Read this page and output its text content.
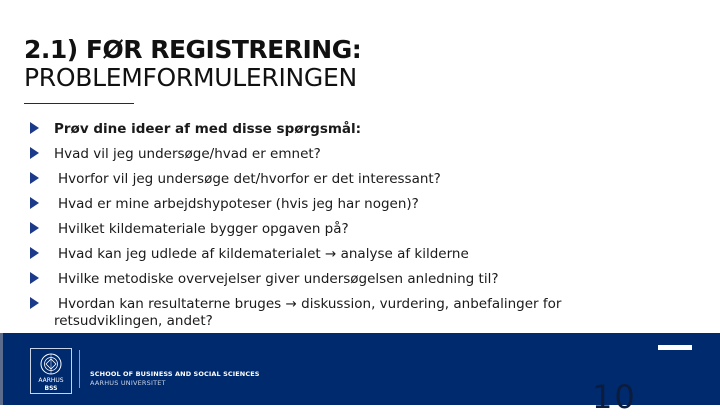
2.1) FØR REGISTRERING:
PROBLEMFORMULERINGEN
Prøv dine ideer af med disse spørgsmål:
Hvad vil jeg undersøge/hvad er emnet?
Hvorfor vil jeg undersøge det/hvorfor er det interessant?
Hvad er mine arbejdshypoteser (hvis jeg har nogen)?
Hvilket kildemateriale bygger opgaven på?
Hvad kan jeg udlede af kildematerialet → analyse af kilderne
Hvilke metodiske overvejelser giver undersøgelsen anledning til?
Hvordan kan resultaterne bruges → diskussion, vurdering, anbefalinger for
retsudviklingen, andet?
AARHUS
BSS
SCHOOL OF BUSINESS AND SOCIAL SCIENCES
AARHUS UNIVERSITET	10
